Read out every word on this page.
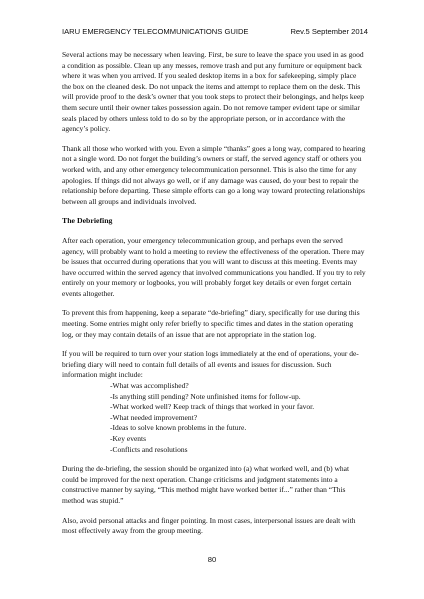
IARU EMERGENCY TELECOMMUNICATIONS GUIDE	Rev.5 September 2014

Several actions may be necessary when leaving. First, be sure to leave the space you used in as good a condition as possible. Clean up any messes, remove trash and put any furniture or equipment back where it was when you arrived. If you sealed desktop items in a box for safekeeping, simply place the box on the cleaned desk. Do not unpack the items and attempt to replace them on the desk. This will provide proof to the desk’s owner that you took steps to protect their belongings, and helps keep them secure until their owner takes possession again. Do not remove tamper evident tape or similar seals placed by others unless told to do so by the appropriate person, or in accordance with the agency’s policy.

Thank all those who worked with you. Even a simple “thanks” goes a long way, compared to hearing not a single word. Do not forget the building’s owners or staff, the served agency staff or others you worked with, and any other emergency telecommunication personnel. This is also the time for any apologies. If things did not always go well, or if any damage was caused, do your best to repair the relationship before departing. These simple efforts can go a long way toward protecting relationships between all groups and individuals involved.

The Debriefing

After each operation, your emergency telecommunication group, and perhaps even the served agency, will probably want to hold a meeting to review the effectiveness of the operation. There may be issues that occurred during operations that you will want to discuss at this meeting. Events may have occurred within the served agency that involved communications you handled. If you try to rely entirely on your memory or logbooks, you will probably forget key details or even forget certain events altogether.

To prevent this from happening, keep a separate “de-briefing” diary, specifically for use during this meeting. Some entries might only refer briefly to specific times and dates in the station operating log, or they may contain details of an issue that are not appropriate in the station log.

If you will be required to turn over your station logs immediately at the end of operations, your de-briefing diary will need to contain full details of all events and issues for discussion. Such information might include:

-What was accomplished?
-Is anything still pending? Note unfinished items for follow-up.
-What worked well? Keep track of things that worked in your favor.
-What needed improvement?
-Ideas to solve known problems in the future.
-Key events
-Conflicts and resolutions

During the de-briefing, the session should be organized into (a) what worked well, and (b) what could be improved for the next operation. Change criticisms and judgment statements into a constructive manner by saying, “This method might have worked better if...” rather than “This method was stupid.”

Also, avoid personal attacks and finger pointing. In most cases, interpersonal issues are dealt with most effectively away from the group meeting.

80
